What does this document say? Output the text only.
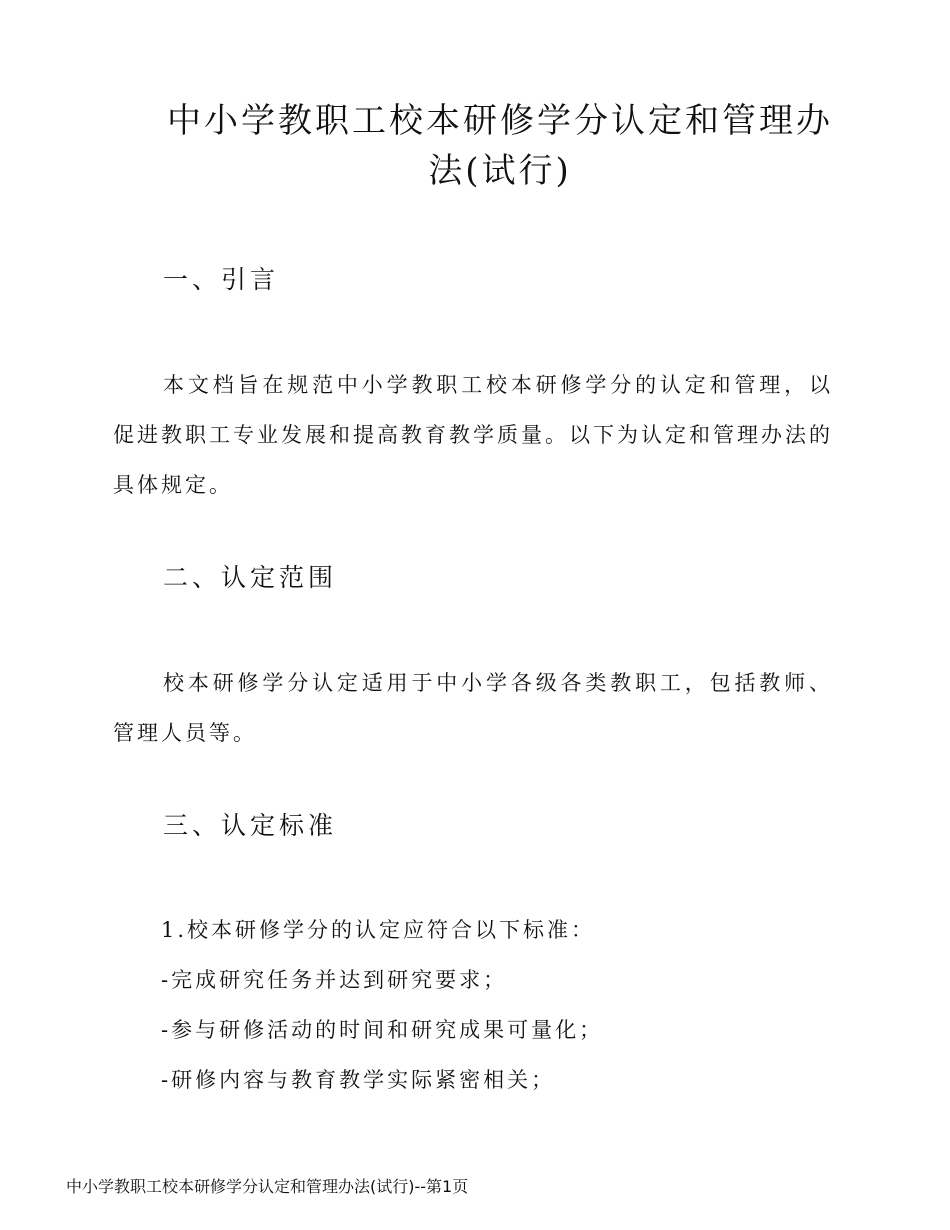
中小学教职工校本研修学分认定和管理办
法(试行)
一、引言
本文档旨在规范中小学教职工校本研修学分的认定和管理，以促进教职工专业发展和提高教育教学质量。以下为认定和管理办法的具体规定。
二、认定范围
校本研修学分认定适用于中小学各级各类教职工，包括教师、管理人员等。
三、认定标准
1.校本研修学分的认定应符合以下标准：
-完成研究任务并达到研究要求；
-参与研修活动的时间和研究成果可量化；
-研修内容与教育教学实际紧密相关；
中小学教职工校本研修学分认定和管理办法(试行)--第1页
